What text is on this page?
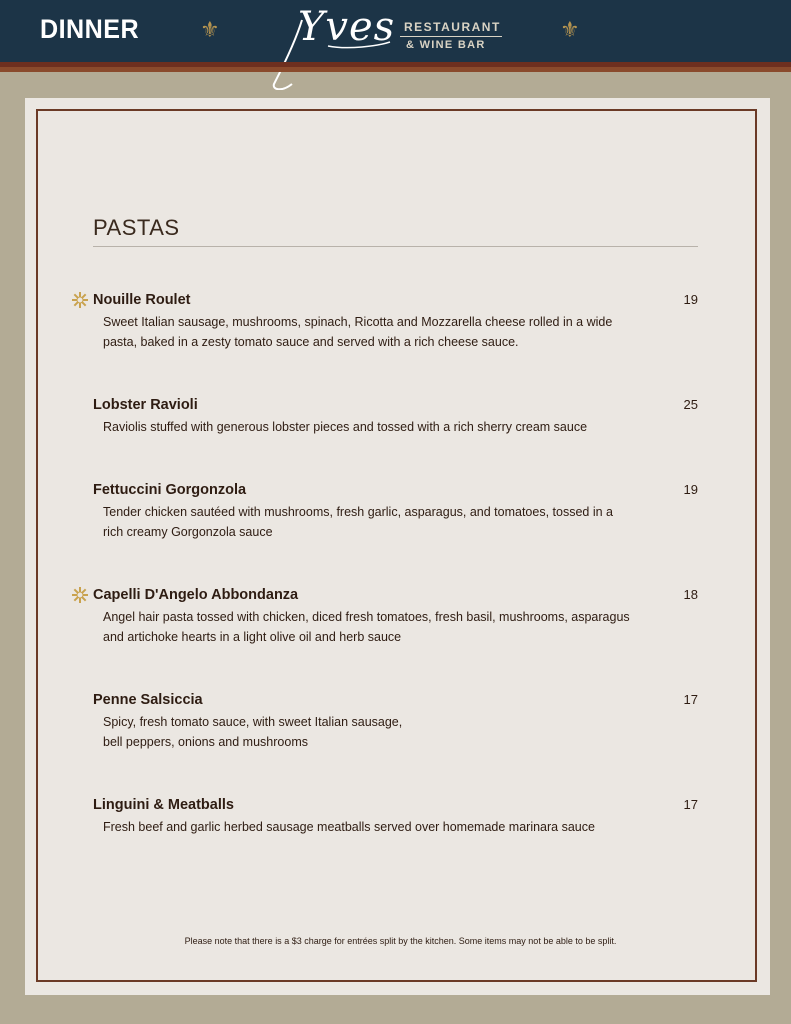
DINNER	⚜ Yves RESTAURANT
& WINE BAR
⚜
PASTAS
Nouille Roulet	19
Sweet Italian sausage, mushrooms, spinach, Ricotta and Mozzarella cheese rolled in a wide
pasta, baked in a zesty tomato sauce and served with a rich cheese sauce.
Lobster Ravioli	25
Raviolis stuffed with generous lobster pieces and tossed with a rich sherry cream sauce
Fettuccini Gorgonzola	19
Tender chicken sautéed with mushrooms, fresh garlic, asparagus, and tomatoes, tossed in a
rich creamy Gorgonzola sauce
Capelli D'Angelo Abbondanza	18
Angel hair pasta tossed with chicken, diced fresh tomatoes, fresh basil, mushrooms, asparagus
and artichoke hearts in a light olive oil and herb sauce
Penne Salsiccia	17
Spicy, fresh tomato sauce, with sweet Italian sausage,
bell peppers, onions and mushrooms
Linguini & Meatballs	17
Fresh beef and garlic herbed sausage meatballs served over homemade marinara sauce
Please note that there is a $3 charge for entrées split by the kitchen. Some items may not be able to be split.
